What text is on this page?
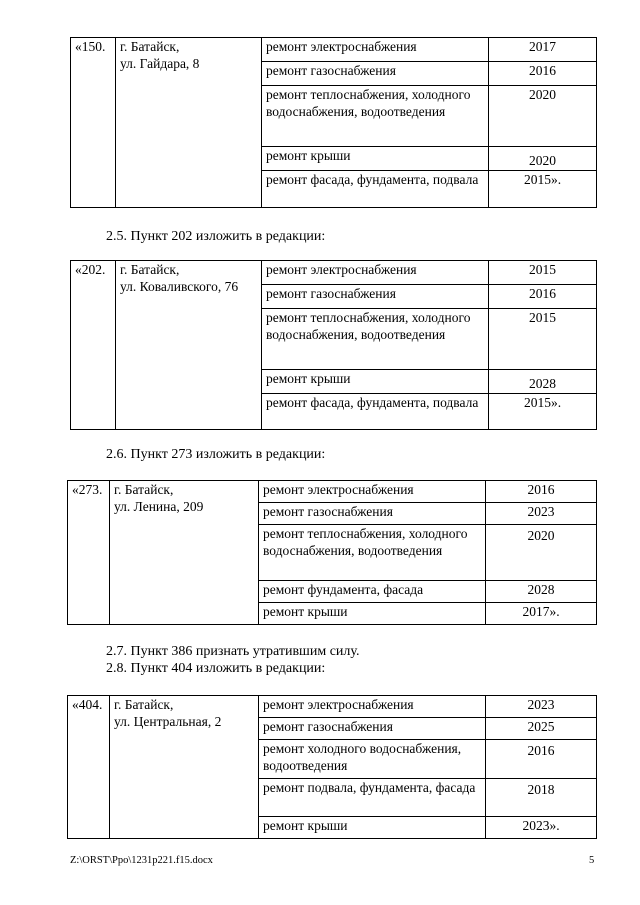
«150.	г. Батайск,
ул. Гайдара, 8	ремонт электроснабжения	2017
		ремонт газоснабжения	2016
		ремонт теплоснабжения, холодного водоснабжения, водоотведения	2020
		ремонт крыши	2020
		ремонт фасада, фундамента, подвала	2015».
2.5. Пункт 202 изложить в редакции:
«202.	г. Батайск,
ул. Коваливского, 76	ремонт электроснабжения	2015
		ремонт газоснабжения	2016
		ремонт теплоснабжения, холодного водоснабжения, водоотведения	2015
		ремонт крыши	2028
		ремонт фасада, фундамента, подвала	2015».
2.6. Пункт 273 изложить в редакции:
«273.	г. Батайск,
ул. Ленина, 209	ремонт электроснабжения	2016
		ремонт газоснабжения	2023
		ремонт теплоснабжения, холодного водоснабжения, водоотведения	2020
		ремонт фундамента, фасада	2028
		ремонт крыши	2017».
2.7. Пункт 386 признать утратившим силу.
2.8. Пункт 404 изложить в редакции:
«404.	г. Батайск,
ул. Центральная, 2	ремонт электроснабжения	2023
		ремонт газоснабжения	2025
		ремонт холодного водоснабжения, водоотведения	2016
		ремонт подвала, фундамента, фасада	2018
		ремонт крыши	2023».
Z:\ORST\Ppo\1231p221.f15.docx	5
